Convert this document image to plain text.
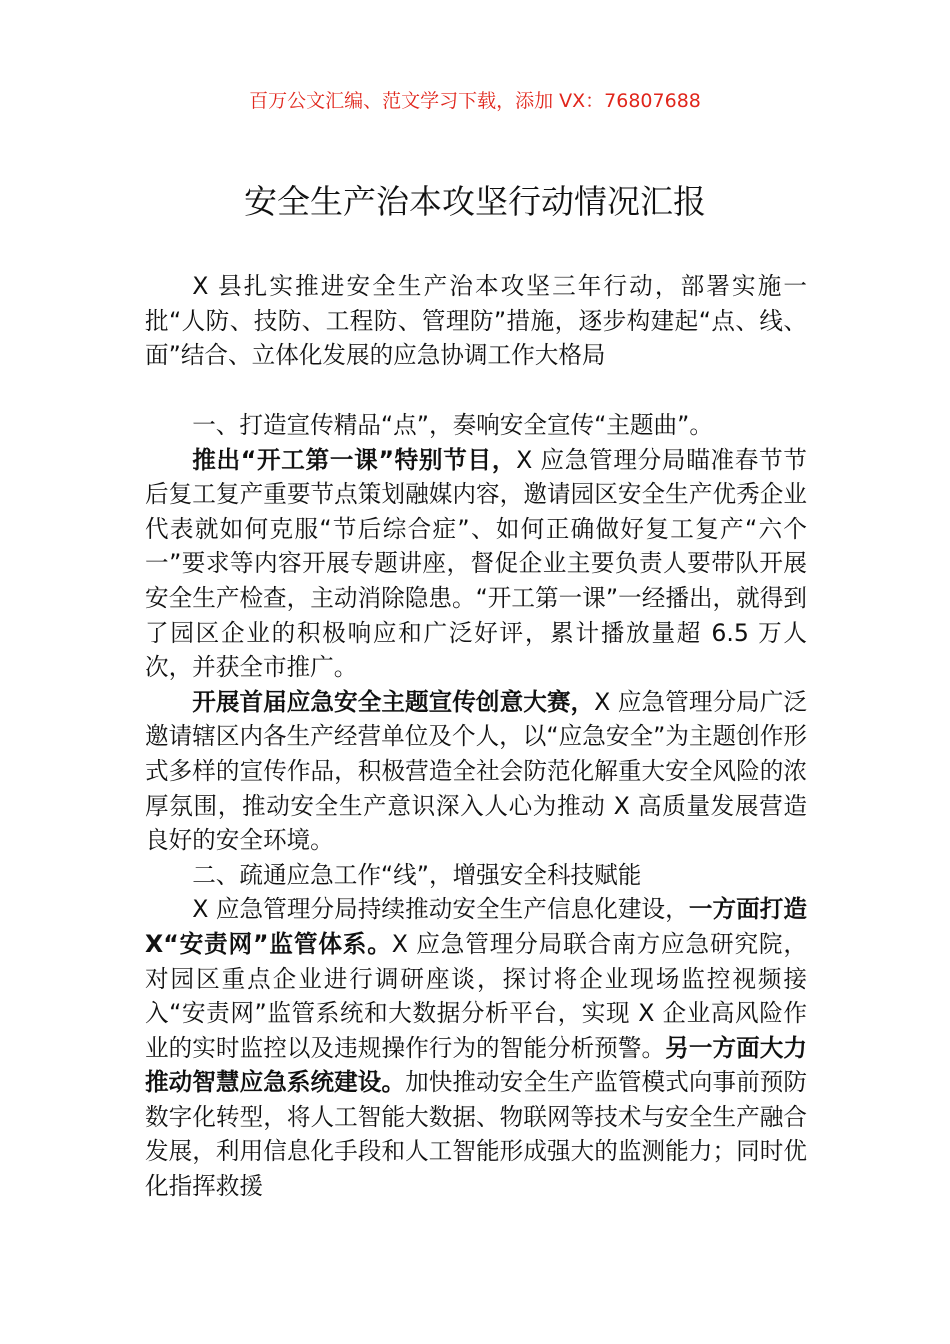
百万公文汇编、范文学习下载，添加 VX：76807688
安全生产治本攻坚行动情况汇报

X 县扎实推进安全生产治本攻坚三年行动，部署实施一批“人防、技防、工程防、管理防”措施，逐步构建起“点、线、面”结合、立体化发展的应急协调工作大格局

一、打造宣传精品“点”，奏响安全宣传“主题曲”。

推出“开工第一课”特别节目，X 应急管理分局瞄准春节节后复工复产重要节点策划融媒内容，邀请园区安全生产优秀企业代表就如何克服“节后综合症”、如何正确做好复工复产“六个一”要求等内容开展专题讲座，督促企业主要负责人要带队开展安全生产检查，主动消除隐患。“开工第一课”一经播出，就得到了园区企业的积极响应和广泛好评，累计播放量超 6.5 万人次，并获全市推广。

开展首届应急安全主题宣传创意大赛，X 应急管理分局广泛邀请辖区内各生产经营单位及个人，以“应急安全”为主题创作形式多样的宣传作品，积极营造全社会防范化解重大安全风险的浓厚氛围，推动安全生产意识深入人心为推动 X 高质量发展营造良好的安全环境。

二、疏通应急工作“线”，增强安全科技赋能

X 应急管理分局持续推动安全生产信息化建设，一方面打造 X“安责网”监管体系。X 应急管理分局联合南方应急研究院，对园区重点企业进行调研座谈，探讨将企业现场监控视频接入“安责网”监管系统和大数据分析平台，实现 X 企业高风险作业的实时监控以及违规操作行为的智能分析预警。另一方面大力推动智慧应急系统建设。加快推动安全生产监管模式向事前预防数字化转型，将人工智能大数据、物联网等技术与安全生产融合发展，利用信息化手段和人工智能形成强大的监测能力；同时优化指挥救援
